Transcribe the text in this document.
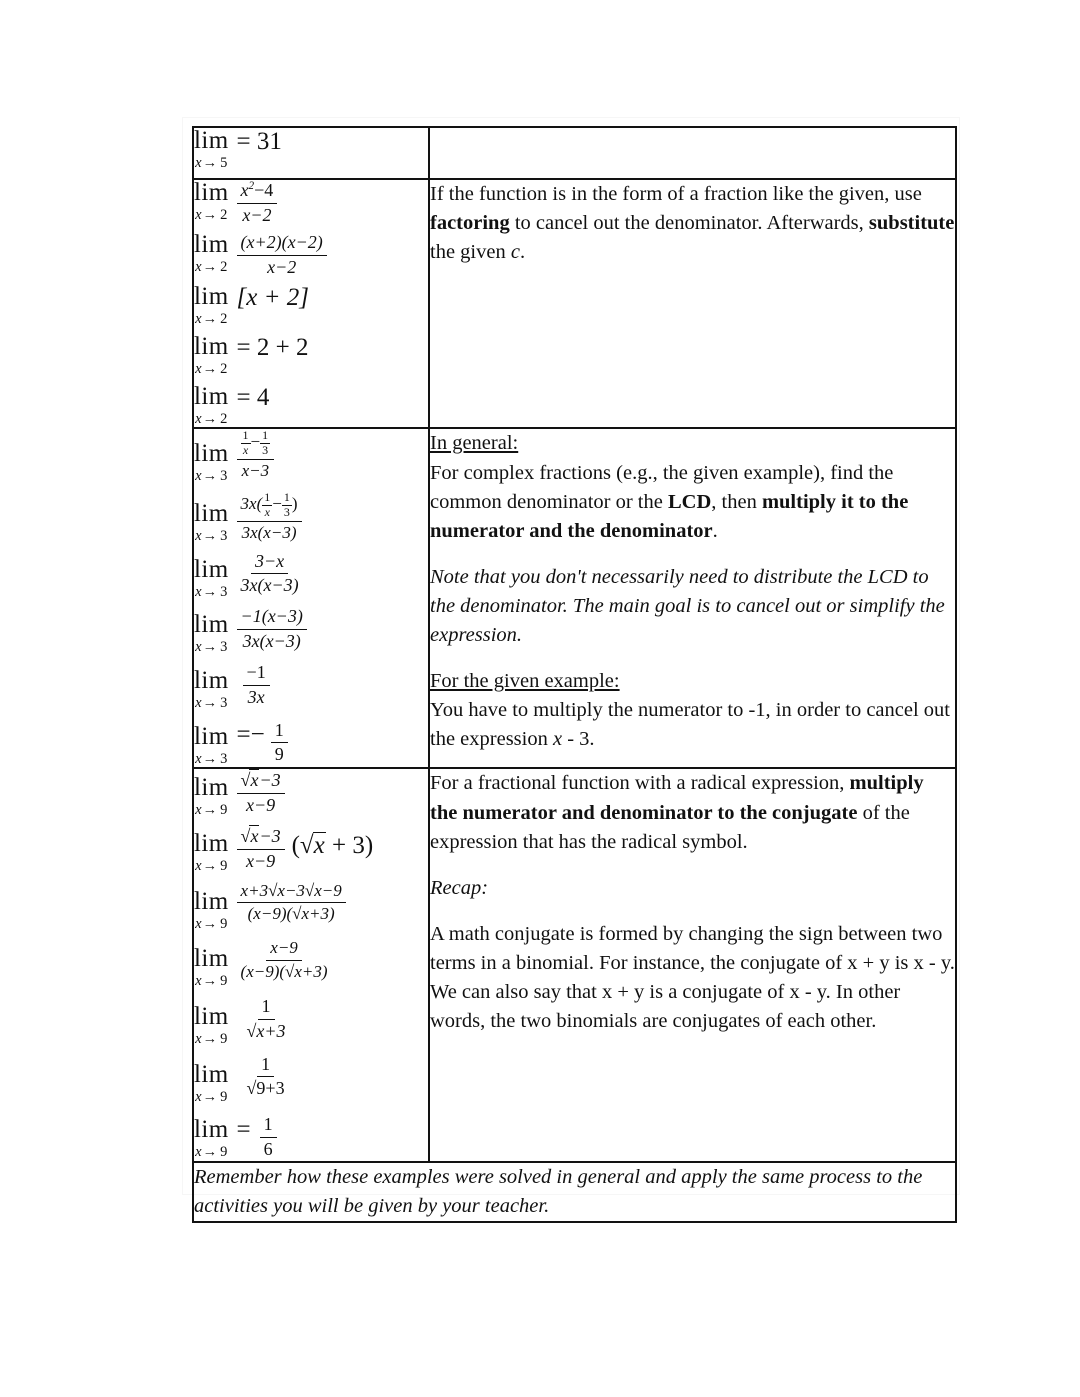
lim
x→ 5
= 31	

lim
$x\to 2 \frac{x^2-4}{x-2}$
lim
$x\to 2 \frac{(x+2)(x-2)}{x-2}$
lim
x→ 2
[x + 2]
lim
x→ 2
= 2 + 2
lim
x→ 2
= 4

If the function is in the form of a fraction like the given, use factoring to cancel out the denominator. Afterwards, substitute the given c.

lim
$x\to 3 \frac{\frac{1}{x} - \frac{1}{3}}{x-3}$
lim
$x\to 3 \frac{3x( \frac{1}{x} - \frac{1}{3} )}{3x(x-3)}$
lim
$x\to 3 \frac{3-x}{3x(x-3)}$
lim
$x\to 3 \frac{-1(x-3)}{3x(x-3)}$
lim
$x\to 3 \frac{-1}{3x}$
lim
x→ 3
=− $\frac{1}{9}$

In general:
For complex fractions (e.g., the given example), find the common denominator or the LCD, then multiply it to the numerator and the denominator.

Note that you don't necessarily need to distribute the LCD to the denominator. The main goal is to cancel out or simplify the expression.

For the given example:
You have to multiply the numerator to -1, in order to cancel out the expression x - 3.

lim
$x\to 9 \frac{√x-3}{x-9}$
lim
$x\to 9 \frac{√x-3}{x-9} (√x + 3)$
lim
$x\to 9 \frac{x+3√x-3√x-9}{(x-9)(√x+3)}$
lim
$x\to 9 \frac{x-9}{(x-9)(√x+3)}$
lim
$x\to 9 \frac{1}{√x+3}$
lim
$x\to 9 \frac{1}{√9+3}$
lim
x→ 9
= $\frac{1}{6}$

For a fractional function with a radical expression, multiply the numerator and denominator to the conjugate of the expression that has the radical symbol.

Recap:

A math conjugate is formed by changing the sign between two terms in a binomial. For instance, the conjugate of x + y is x - y. We can also say that x + y is a conjugate of x - y. In other words, the two binomials are conjugates of each other.

Remember how these examples were solved in general and apply the same process to the activities you will be given by your teacher.	
